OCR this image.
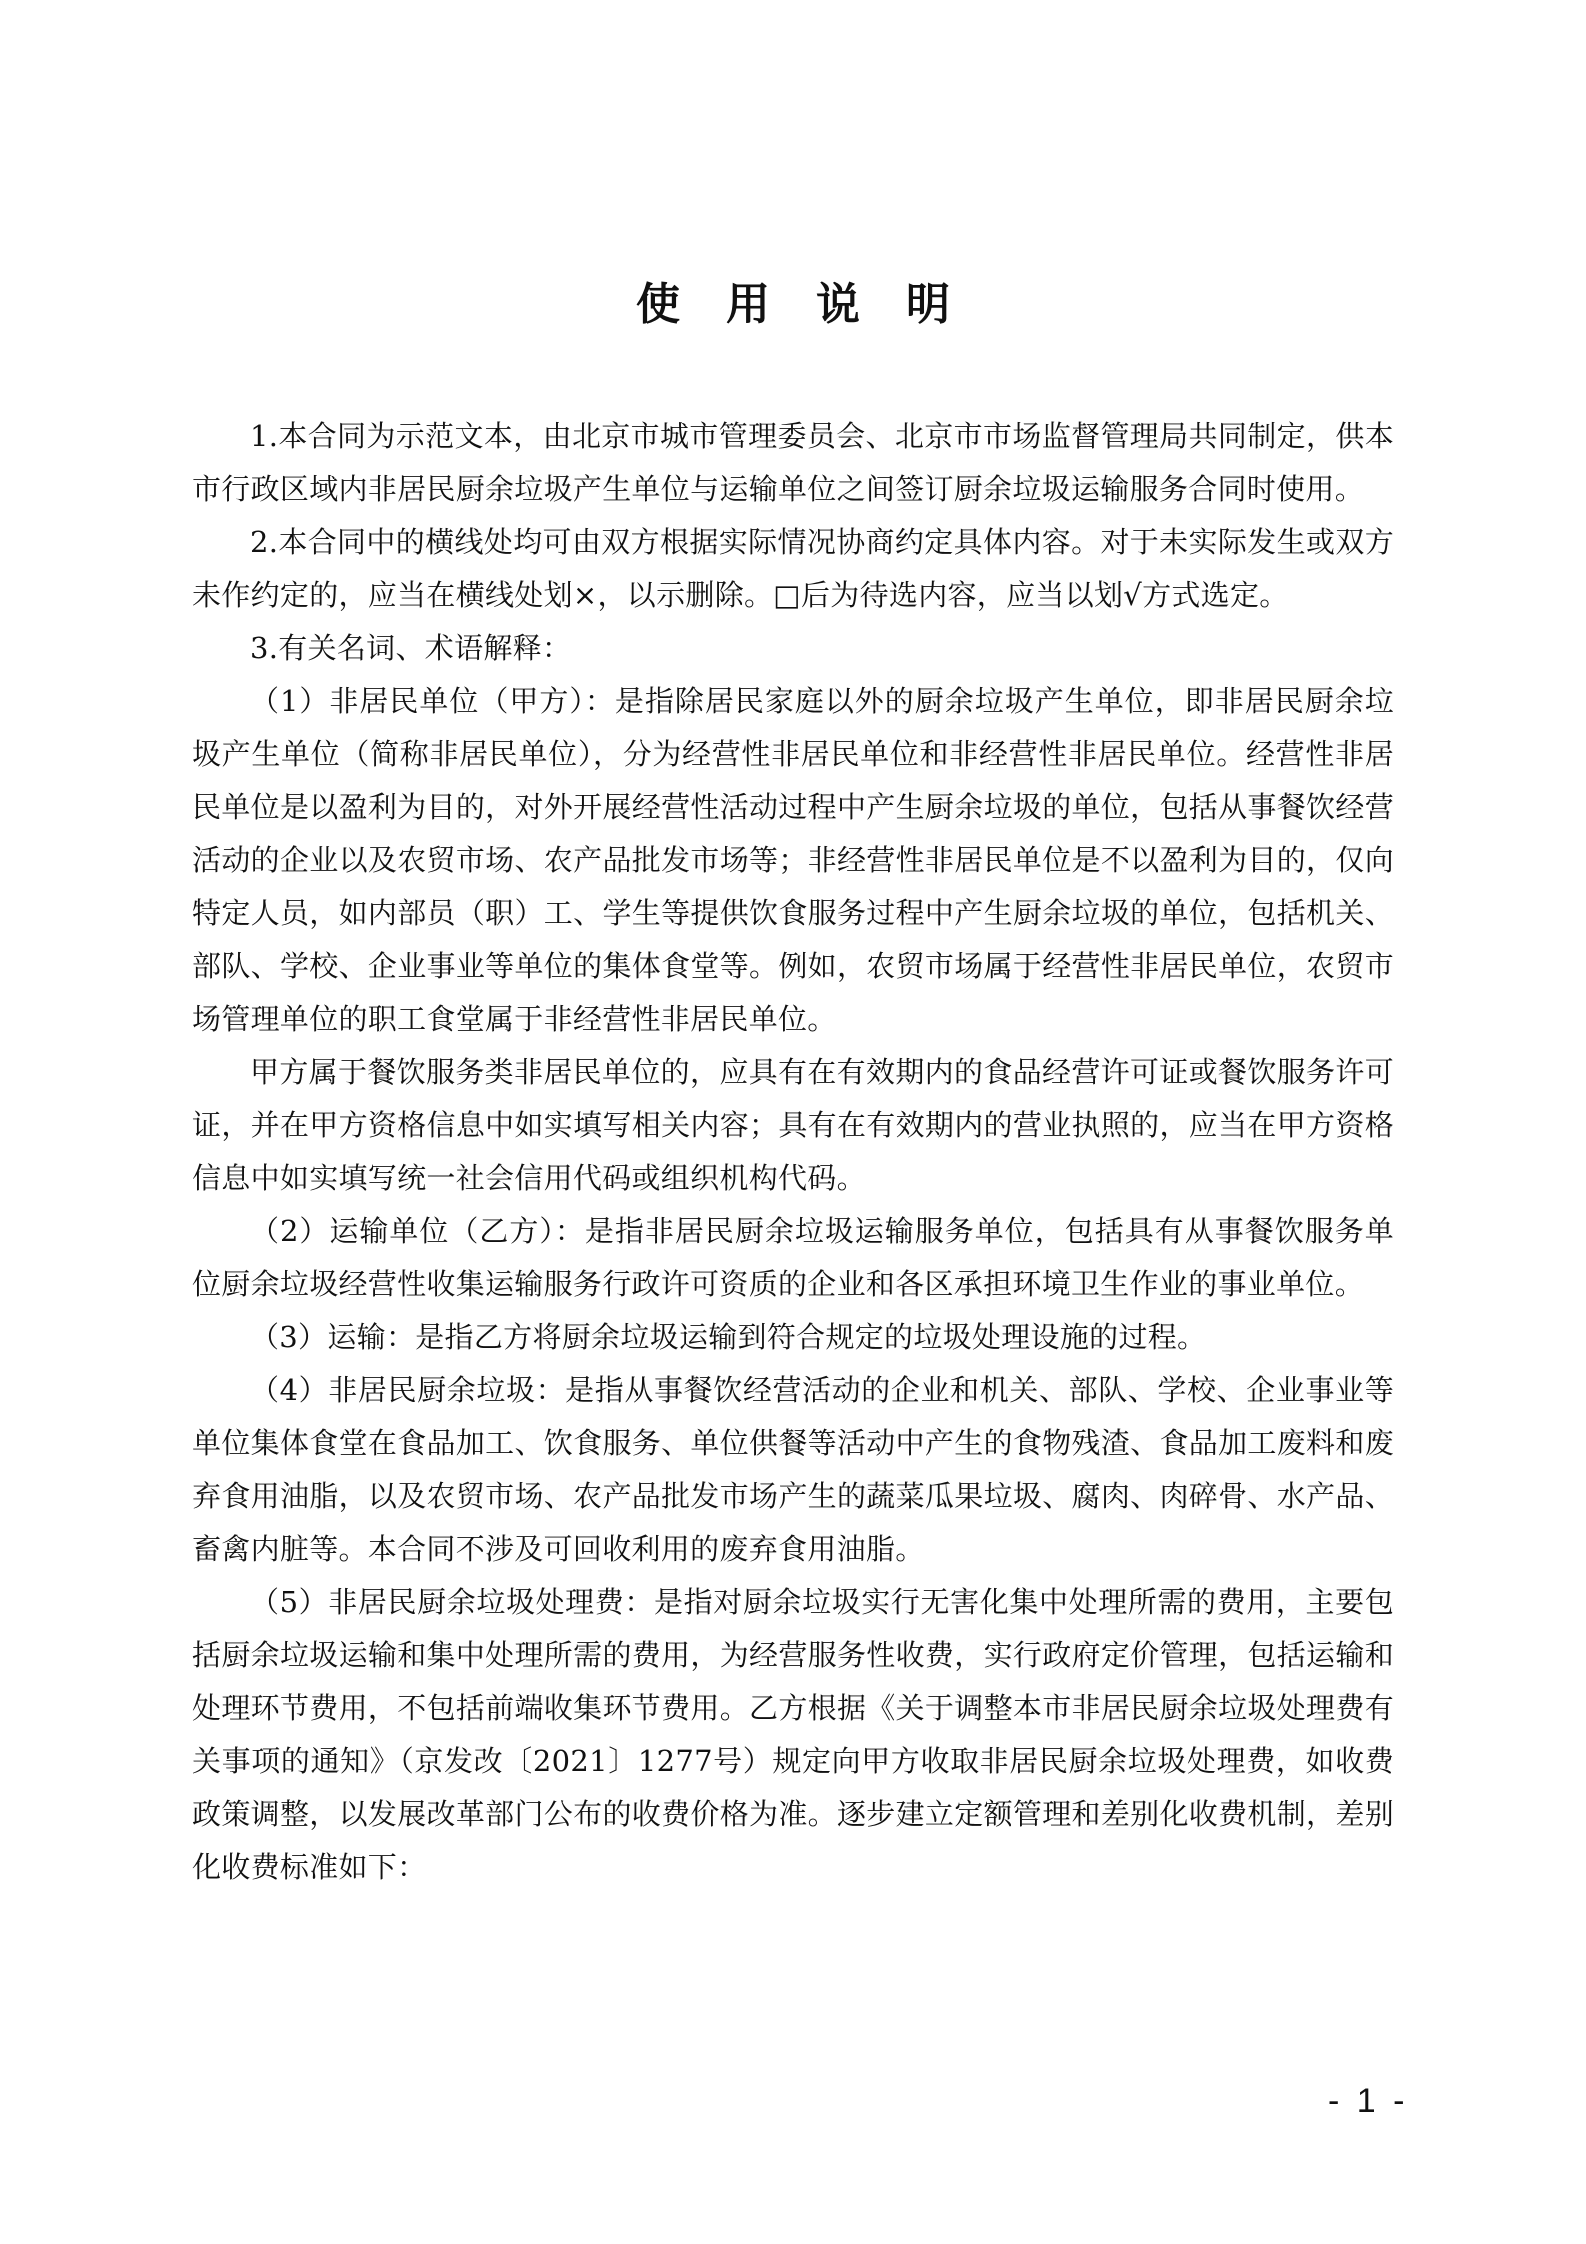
使用说明

1.本合同为示范文本，由北京市城市管理委员会、北京市市场监督管理局共同制定，供本市行政区域内非居民厨余垃圾产生单位与运输单位之间签订厨余垃圾运输服务合同时使用。

2.本合同中的横线处均可由双方根据实际情况协商约定具体内容。对于未实际发生或双方未作约定的，应当在横线处划×，以示删除。□后为待选内容，应当以划√方式选定。

3.有关名词、术语解释：

（1）非居民单位（甲方）：是指除居民家庭以外的厨余垃圾产生单位，即非居民厨余垃圾产生单位（简称非居民单位），分为经营性非居民单位和非经营性非居民单位。经营性非居民单位是以盈利为目的，对外开展经营性活动过程中产生厨余垃圾的单位，包括从事餐饮经营活动的企业以及农贸市场、农产品批发市场等；非经营性非居民单位是不以盈利为目的，仅向特定人员，如内部员（职）工、学生等提供饮食服务过程中产生厨余垃圾的单位，包括机关、部队、学校、企业事业等单位的集体食堂等。例如，农贸市场属于经营性非居民单位，农贸市场管理单位的职工食堂属于非经营性非居民单位。

甲方属于餐饮服务类非居民单位的，应具有在有效期内的食品经营许可证或餐饮服务许可证，并在甲方资格信息中如实填写相关内容；具有在有效期内的营业执照的，应当在甲方资格信息中如实填写统一社会信用代码或组织机构代码。

（2）运输单位（乙方）：是指非居民厨余垃圾运输服务单位，包括具有从事餐饮服务单位厨余垃圾经营性收集运输服务行政许可资质的企业和各区承担环境卫生作业的事业单位。

（3）运输：是指乙方将厨余垃圾运输到符合规定的垃圾处理设施的过程。

（4）非居民厨余垃圾：是指从事餐饮经营活动的企业和机关、部队、学校、企业事业等单位集体食堂在食品加工、饮食服务、单位供餐等活动中产生的食物残渣、食品加工废料和废弃食用油脂，以及农贸市场、农产品批发市场产生的蔬菜瓜果垃圾、腐肉、肉碎骨、水产品、畜禽内脏等。本合同不涉及可回收利用的废弃食用油脂。

（5）非居民厨余垃圾处理费：是指对厨余垃圾实行无害化集中处理所需的费用，主要包括厨余垃圾运输和集中处理所需的费用，为经营服务性收费，实行政府定价管理，包括运输和处理环节费用，不包括前端收集环节费用。乙方根据《关于调整本市非居民厨余垃圾处理费有关事项的通知》（京发改〔2021〕1277号）规定向甲方收取非居民厨余垃圾处理费，如收费政策调整，以发展改革部门公布的收费价格为准。逐步建立定额管理和差别化收费机制，差别化收费标准如下：

- 1 -
